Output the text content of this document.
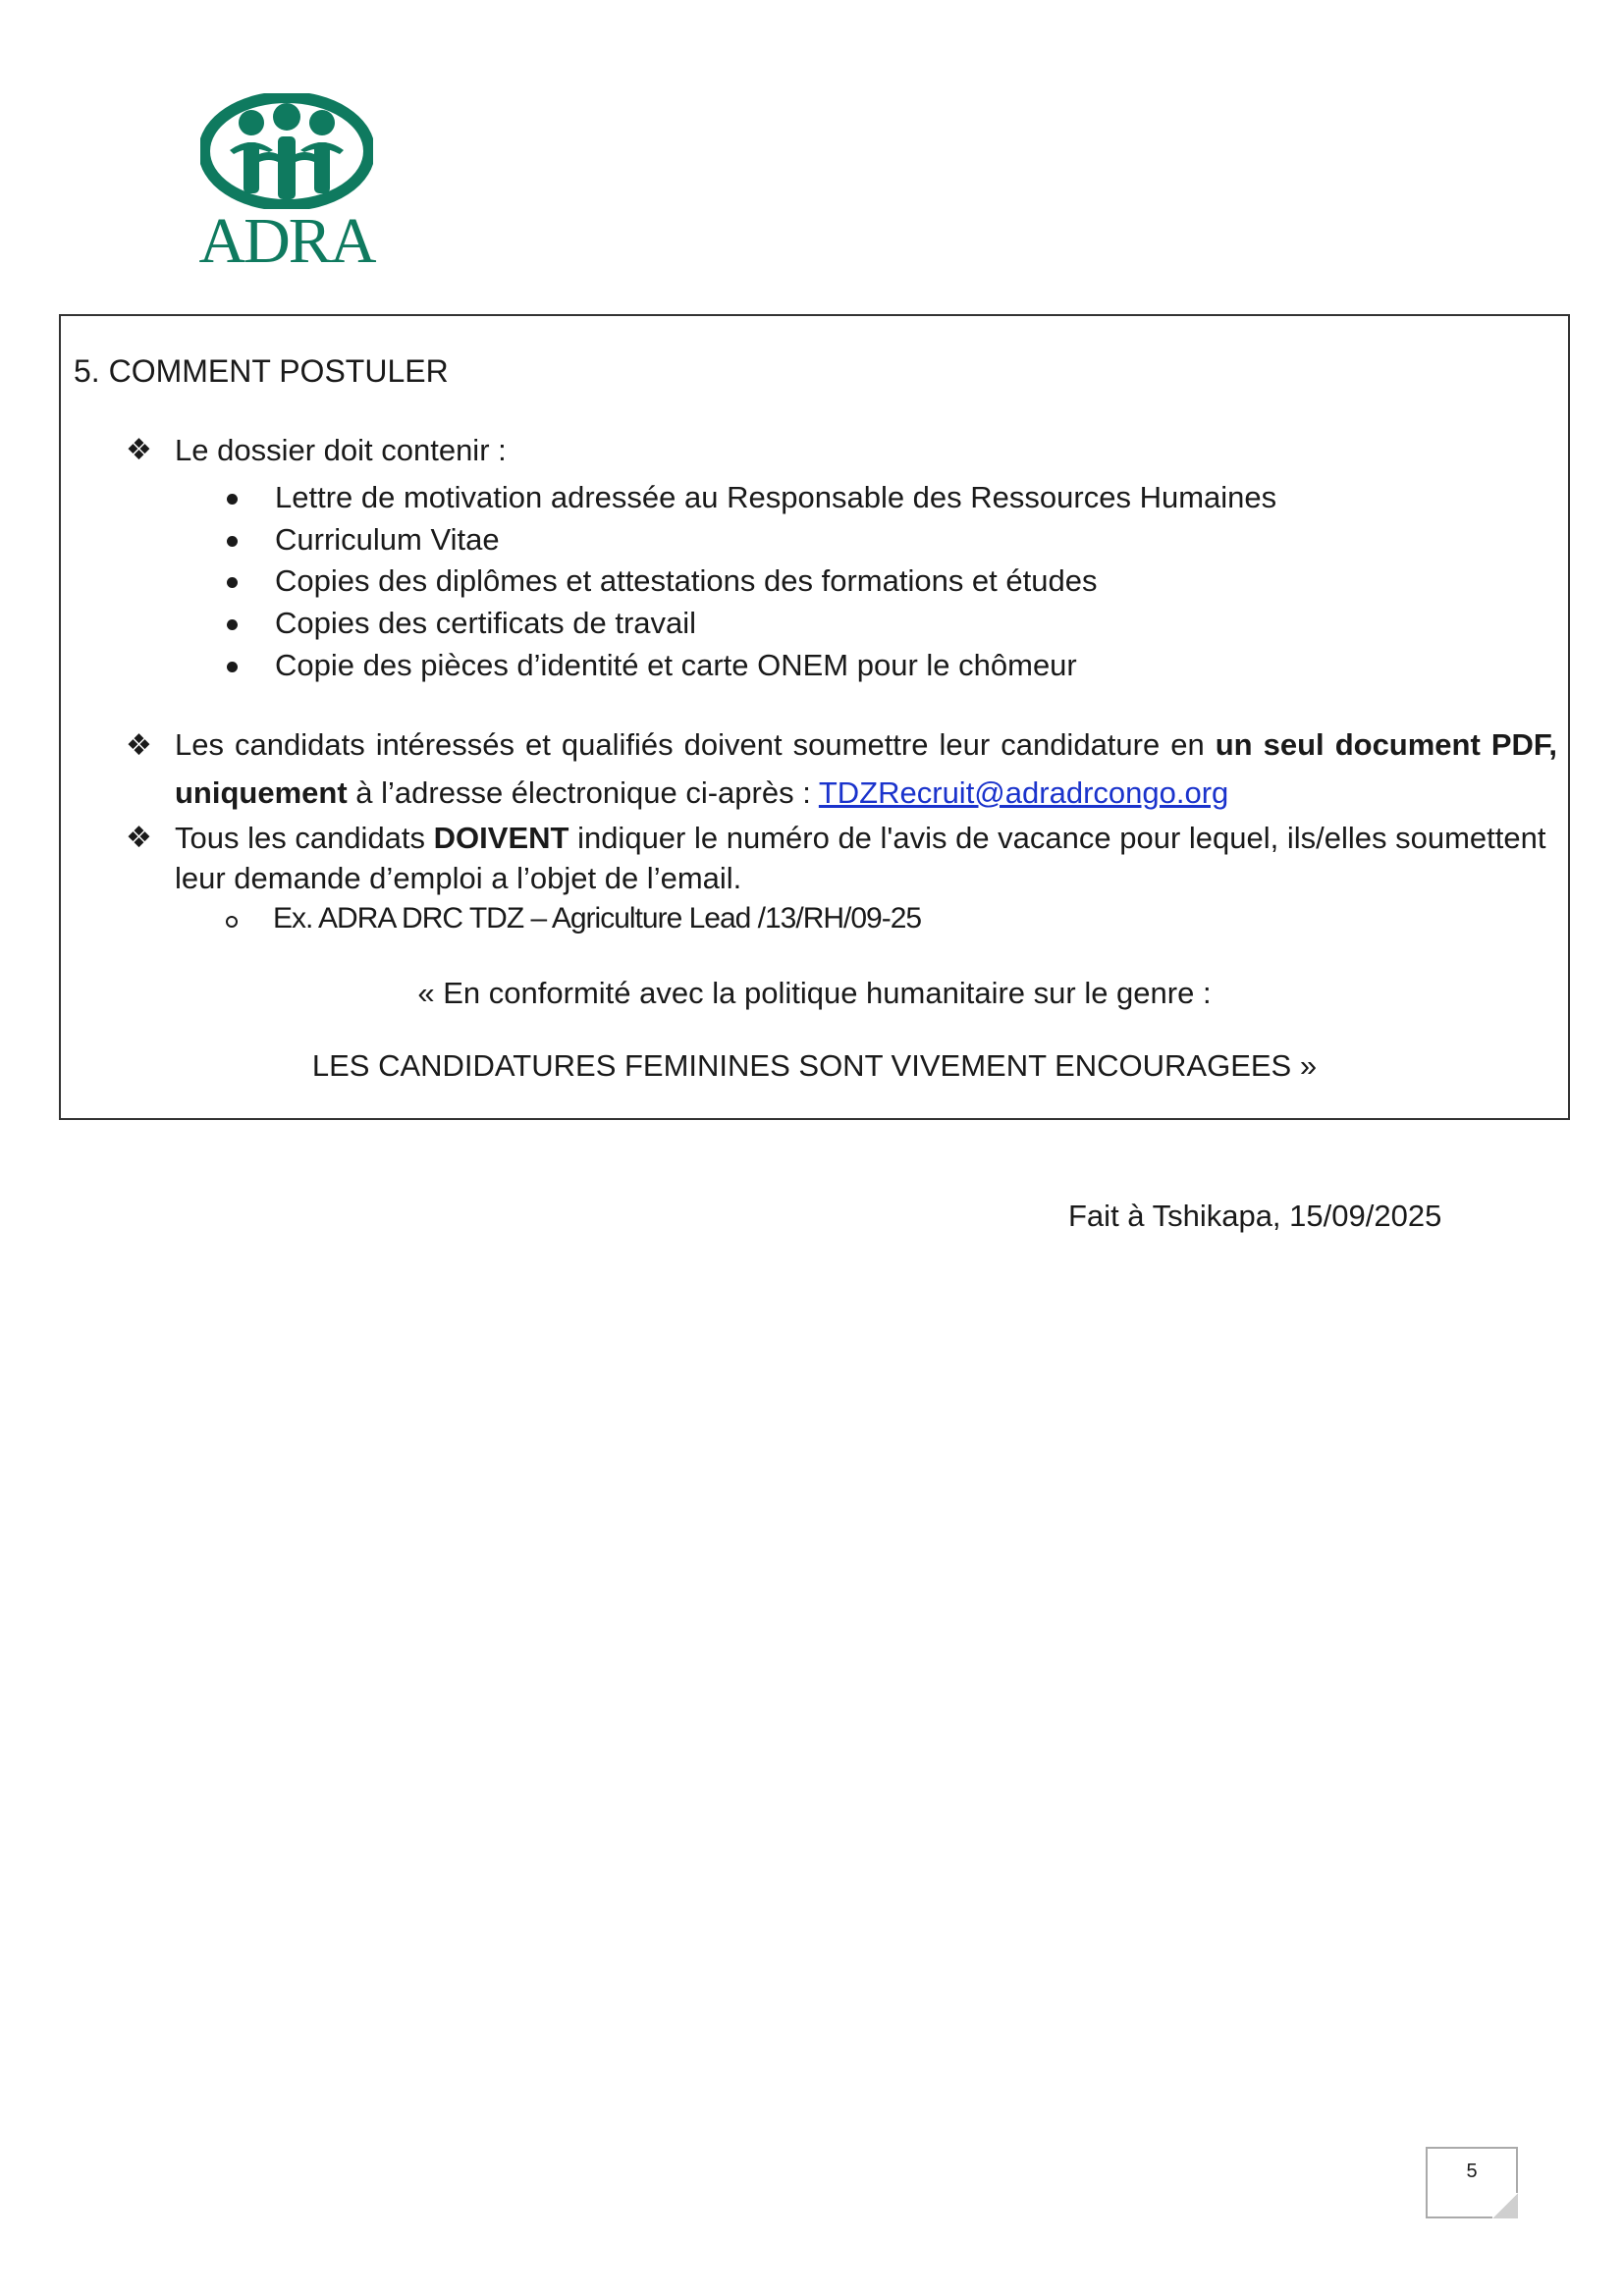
ADRA
5. COMMENT POSTULER
❖ Le dossier doit contenir :
Lettre de motivation adressée au Responsable des Ressources Humaines
Curriculum Vitae
Copies des diplômes et attestations des formations et études
Copies des certificats de travail
Copie des pièces d’identité et carte ONEM pour le chômeur
❖ Les candidats intéressés et qualifiés doivent soumettre leur candidature en un seul document PDF,
uniquement à l’adresse électronique ci-après : TDZRecruit@adradrcongo.org
❖ Tous les candidats DOIVENT indiquer le numéro de l'avis de vacance pour lequel, ils/elles soumettent
leur demande d’emploi a l’objet de l’email.
Ex. ADRA DRC TDZ – Agriculture Lead /13/RH/09-25
« En conformité avec la politique humanitaire sur le genre :
LES CANDIDATURES FEMININES SONT VIVEMENT ENCOURAGEES »
Fait à Tshikapa, 15/09/2025
5
